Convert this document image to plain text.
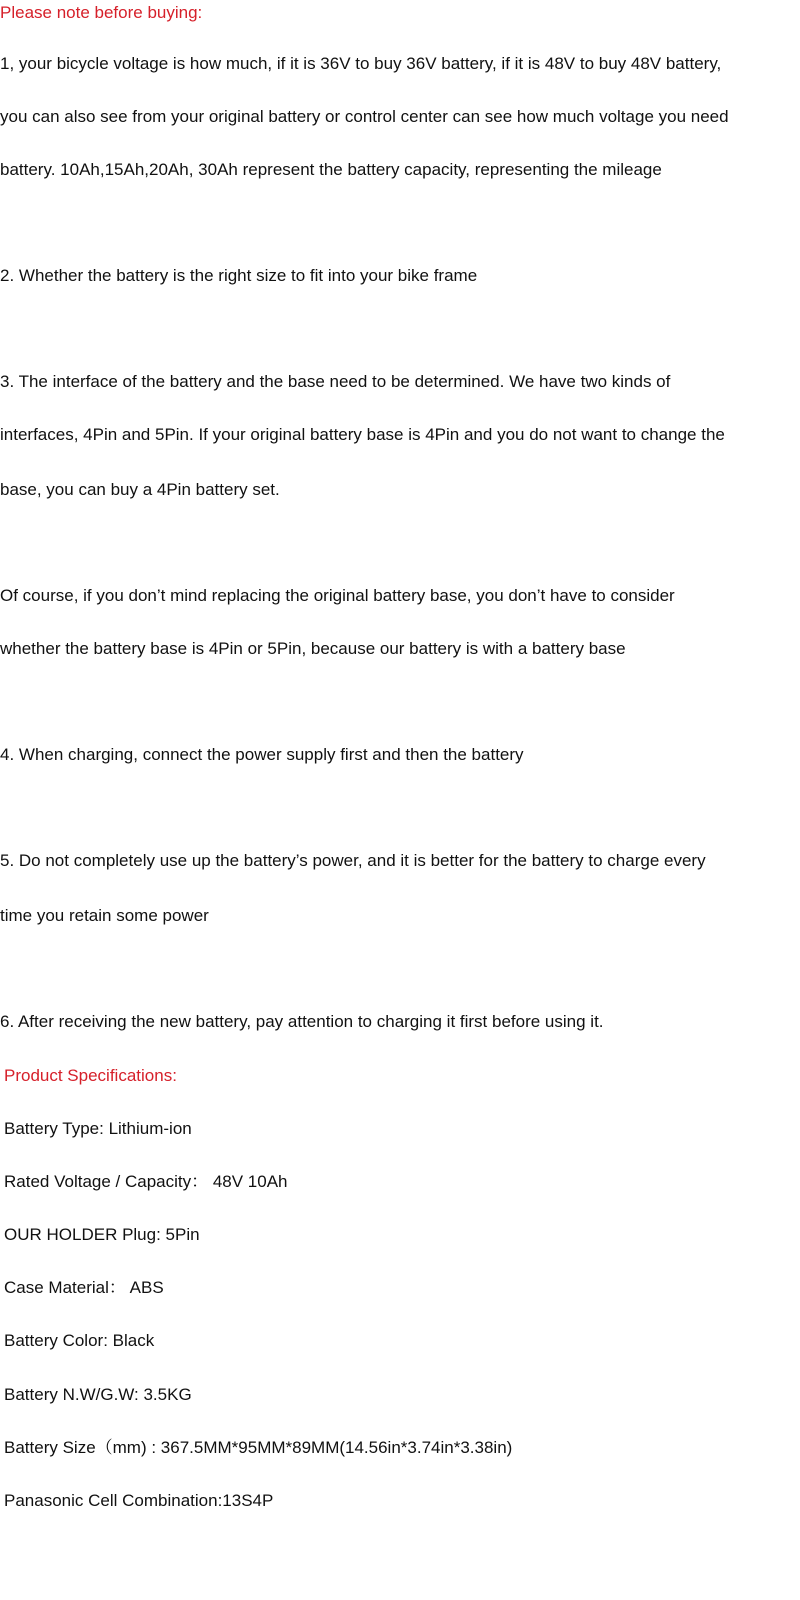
Please note before buying:
1, your bicycle voltage is how much, if it is 36V to buy 36V battery, if it is 48V to buy 48V battery,
you can also see from your original battery or control center can see how much voltage you need
battery. 10Ah,15Ah,20Ah, 30Ah represent the battery capacity, representing the mileage
2. Whether the battery is the right size to fit into your bike frame
3. The interface of the battery and the base need to be determined. We have two kinds of
interfaces, 4Pin and 5Pin. If your original battery base is 4Pin and you do not want to change the
base, you can buy a 4Pin battery set.
Of course, if you don’t mind replacing the original battery base, you don’t have to consider
whether the battery base is 4Pin or 5Pin, because our battery is with a battery base
4. When charging, connect the power supply first and then the battery
5. Do not completely use up the battery’s power, and it is better for the battery to charge every
time you retain some power
6. After receiving the new battery, pay attention to charging it first before using it.
Product Specifications:
Battery Type: Lithium-ion
Rated Voltage / Capacity： 48V 10Ah
OUR HOLDER Plug: 5Pin
Case Material： ABS
Battery Color: Black
Battery N.W/G.W: 3.5KG
Battery Size（mm) : 367.5MM*95MM*89MM(14.56in*3.74in*3.38in)
Panasonic Cell Combination:13S4P
